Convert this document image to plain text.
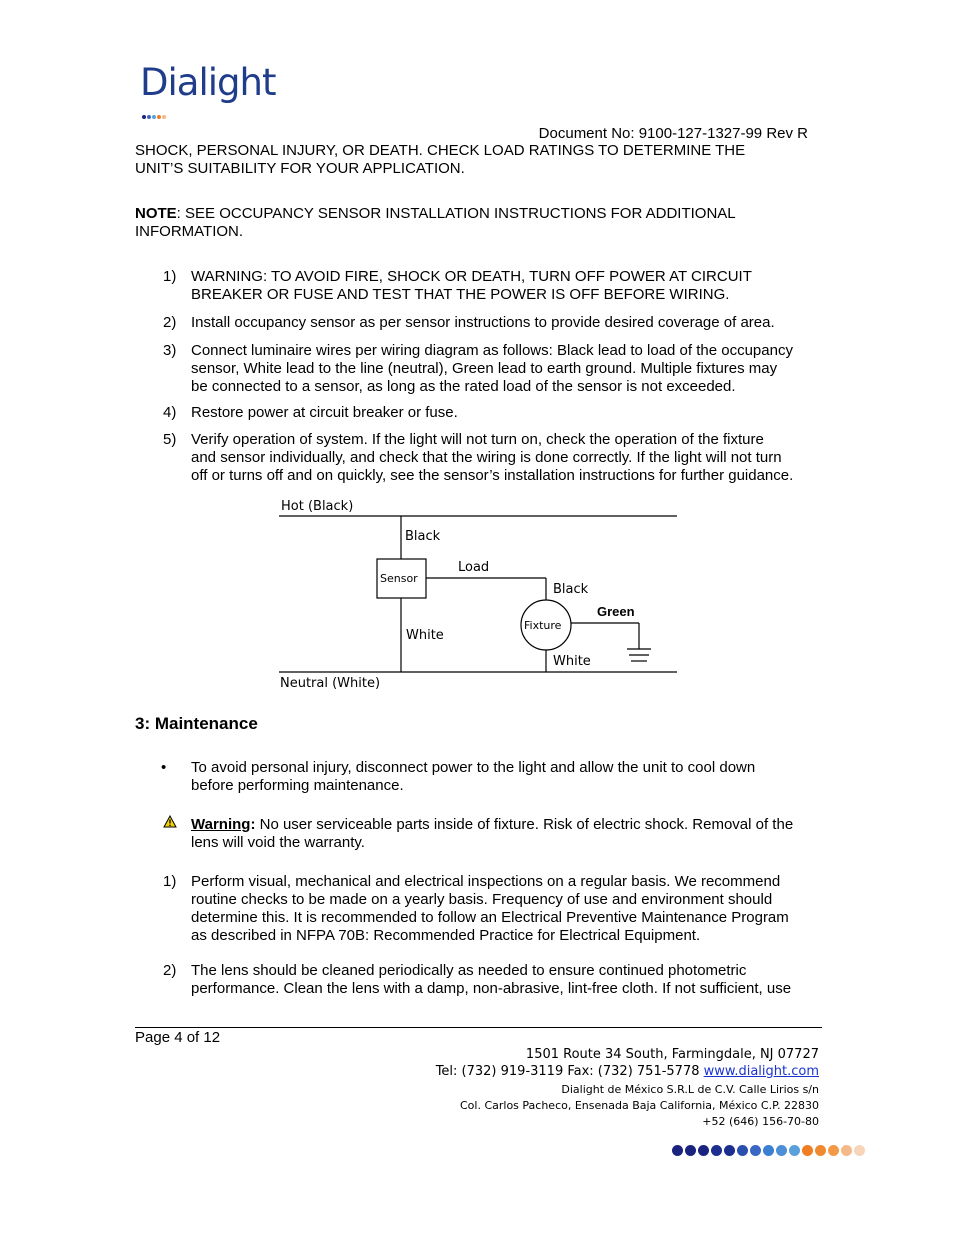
Dialight
Document No: 9100-127-1327-99 Rev R
SHOCK, PERSONAL INJURY, OR DEATH. CHECK LOAD RATINGS TO DETERMINE THE
UNIT’S SUITABILITY FOR YOUR APPLICATION.
NOTE: SEE OCCUPANCY SENSOR INSTALLATION INSTRUCTIONS FOR ADDITIONAL
INFORMATION.
1) WARNING: TO AVOID FIRE, SHOCK OR DEATH, TURN OFF POWER AT CIRCUIT
BREAKER OR FUSE AND TEST THAT THE POWER IS OFF BEFORE WIRING.
2) Install occupancy sensor as per sensor instructions to provide desired coverage of area.
3) Connect luminaire wires per wiring diagram as follows: Black lead to load of the occupancy
sensor, White lead to the line (neutral), Green lead to earth ground. Multiple fixtures may
be connected to a sensor, as long as the rated load of the sensor is not exceeded.
4) Restore power at circuit breaker or fuse.
5) Verify operation of system. If the light will not turn on, check the operation of the fixture
and sensor individually, and check that the wiring is done correctly. If the light will not turn
off or turns off and on quickly, see the sensor’s installation instructions for further guidance.
Hot (Black)
Black
Sensor
Load
Black
Green
Fixture
White
White
Neutral (White)
3: Maintenance
• To avoid personal injury, disconnect power to the light and allow the unit to cool down
before performing maintenance.
Warning: No user serviceable parts inside of fixture. Risk of electric shock. Removal of the
lens will void the warranty.
1) Perform visual, mechanical and electrical inspections on a regular basis. We recommend
routine checks to be made on a yearly basis. Frequency of use and environment should
determine this. It is recommended to follow an Electrical Preventive Maintenance Program
as described in NFPA 70B: Recommended Practice for Electrical Equipment.
2) The lens should be cleaned periodically as needed to ensure continued photometric
performance. Clean the lens with a damp, non-abrasive, lint-free cloth. If not sufficient, use
Page 4 of 12
1501 Route 34 South, Farmingdale, NJ 07727
Tel: (732) 919-3119 Fax: (732) 751-5778 www.dialight.com
Dialight de México S.R.L de C.V. Calle Lirios s/n
Col. Carlos Pacheco, Ensenada Baja California, México C.P. 22830
+52 (646) 156-70-80
